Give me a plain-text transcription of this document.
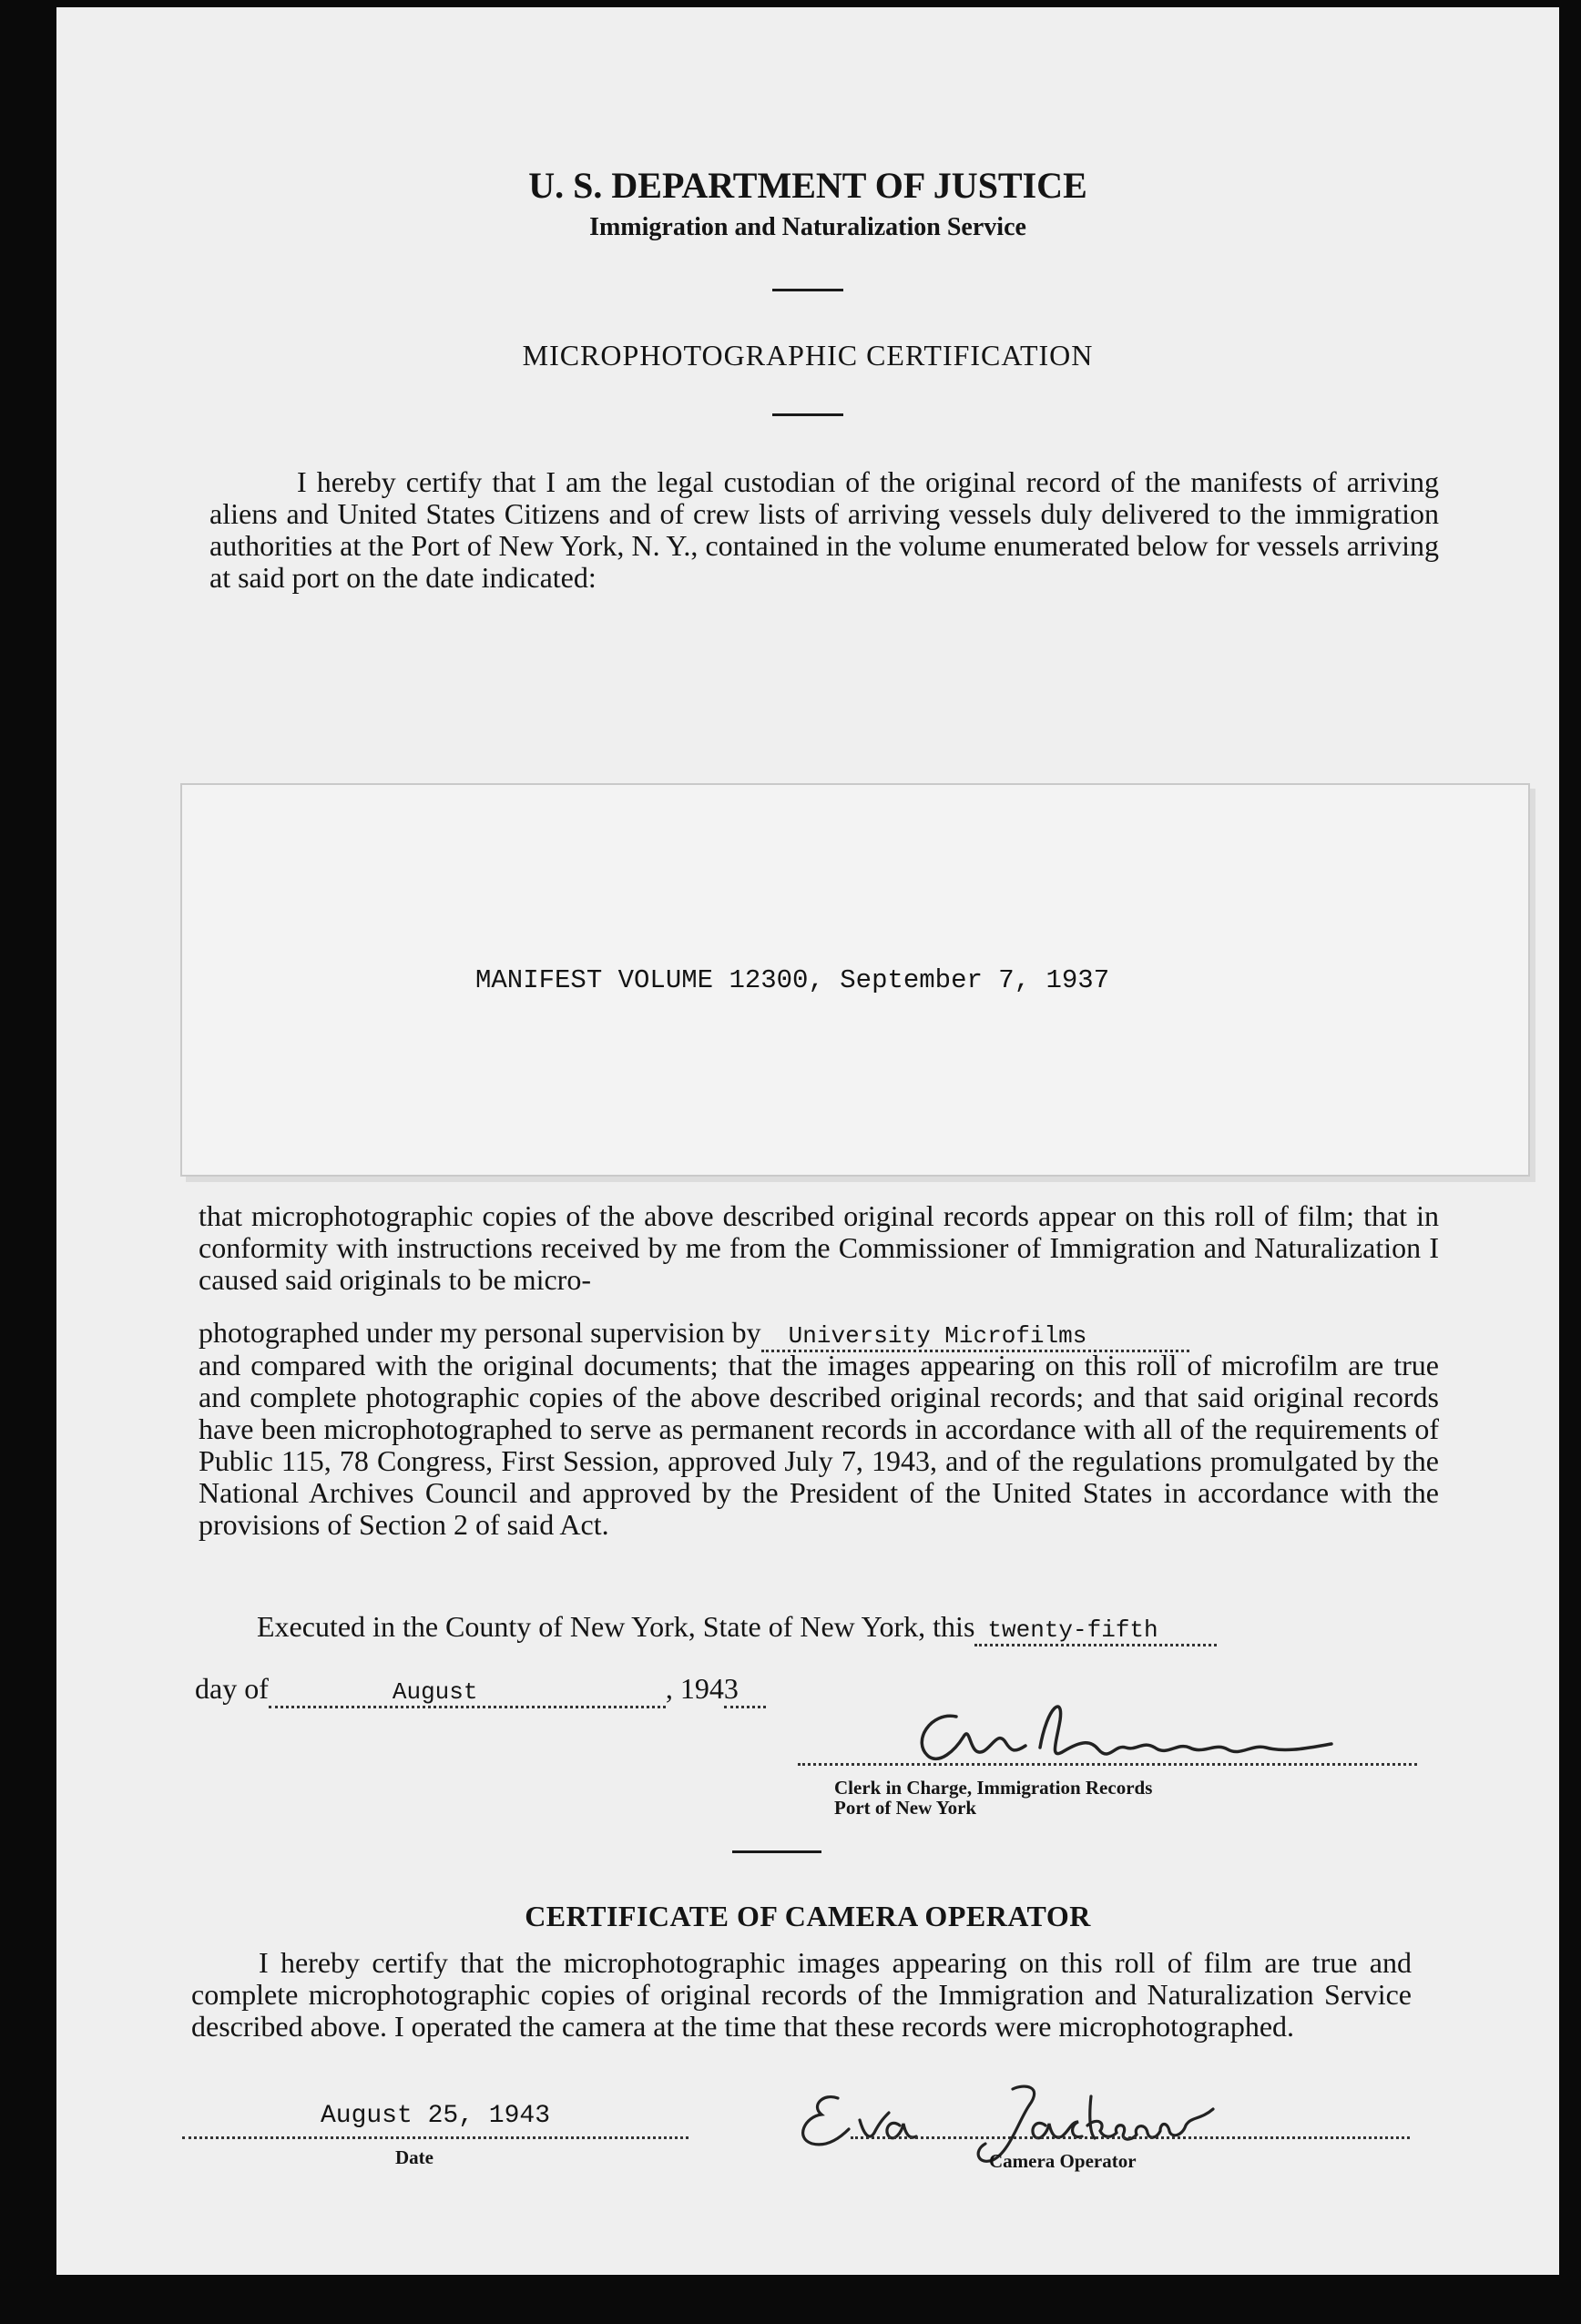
U. S. DEPARTMENT OF JUSTICE
Immigration and Naturalization Service
MICROPHOTOGRAPHIC CERTIFICATION
I hereby certify that I am the legal custodian of the original record of the manifests of arriving aliens and United States Citizens and of crew lists of arriving vessels duly delivered to the immigration authorities at the Port of New York, N. Y., contained in the volume enumerated below for vessels arriving at said port on the date indicated:
MANIFEST VOLUME 12300, September 7, 1937
that microphotographic copies of the above described original records appear on this roll of film; that in conformity with instructions received by me from the Commissioner of Immigration and Naturalization I caused said originals to be micro-
photographed under my personal supervision by University Microfilms
and compared with the original documents; that the images appearing on this roll of microfilm are true and complete photographic copies of the above described original records; and that said original records have been microphotographed to serve as permanent records in accordance with all of the requirements of Public 115, 78 Congress, First Session, approved July 7, 1943, and of the regulations promulgated by the National Archives Council and approved by the President of the United States in accordance with the provisions of Section 2 of said Act.
Executed in the County of New York, State of New York, this twenty-fifth
day of	August	, 1943
Clerk in Charge, Immigration Records
Port of New York
CERTIFICATE OF CAMERA OPERATOR
I hereby certify that the microphotographic images appearing on this roll of film are true and complete microphotographic copies of original records of the Immigration and Naturalization Service described above. I operated the camera at the time that these records were microphotographed.
August 25, 1943
Date	Camera Operator
